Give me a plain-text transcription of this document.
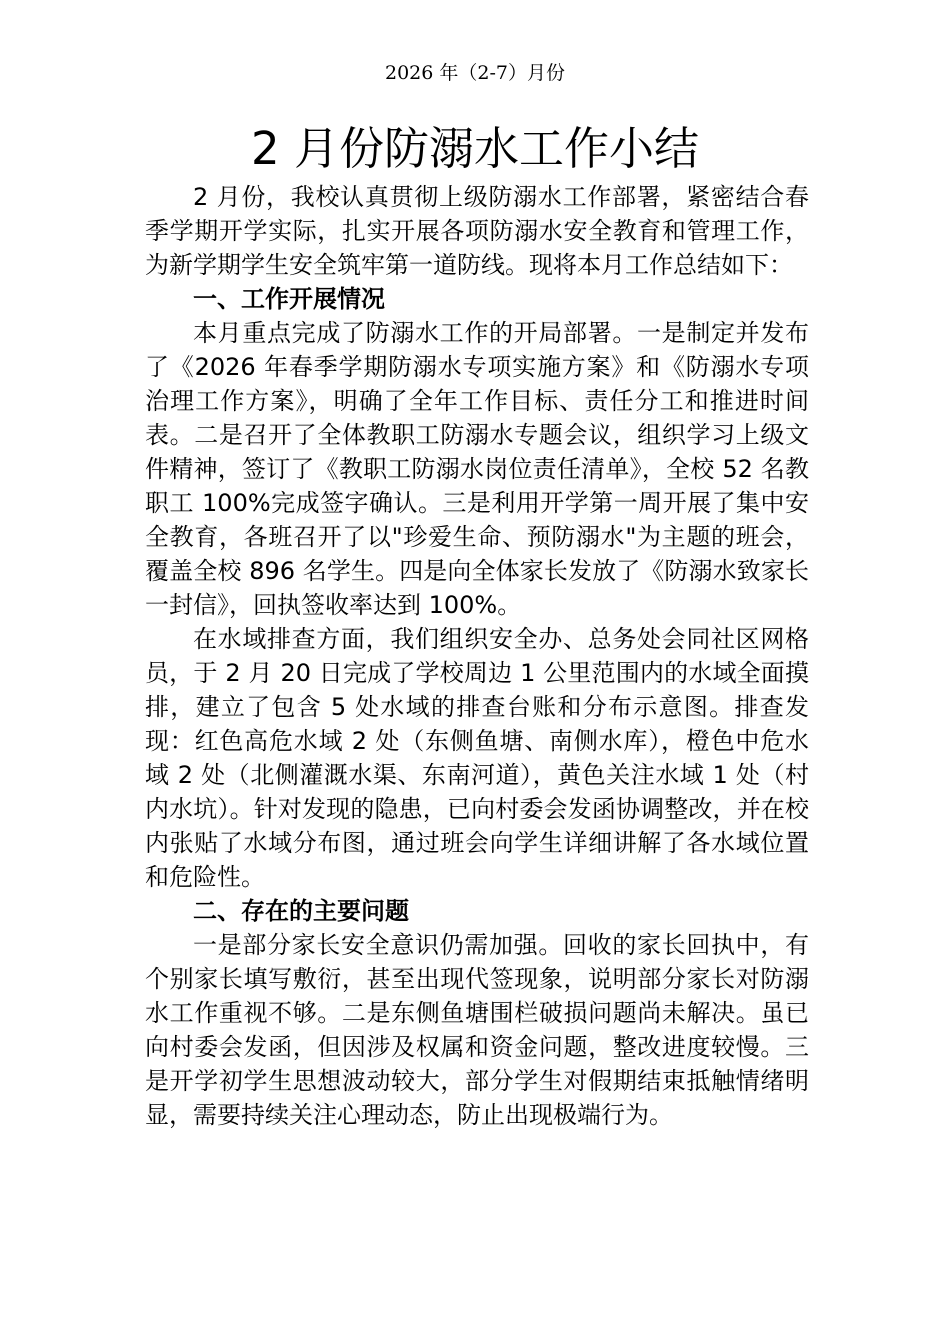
2026 年（2-7）月份
2 月份防溺水工作小结

2 月份，我校认真贯彻上级防溺水工作部署，紧密结合春季学期开学实际，扎实开展各项防溺水安全教育和管理工作，为新学期学生安全筑牢第一道防线。现将本月工作总结如下：

一、工作开展情况

本月重点完成了防溺水工作的开局部署。一是制定并发布了《2026 年春季学期防溺水专项实施方案》和《防溺水专项治理工作方案》，明确了全年工作目标、责任分工和推进时间表。二是召开了全体教职工防溺水专题会议，组织学习上级文件精神，签订了《教职工防溺水岗位责任清单》，全校 52 名教职工 100%完成签字确认。三是利用开学第一周开展了集中安全教育，各班召开了以"珍爱生命、预防溺水"为主题的班会，覆盖全校 896 名学生。四是向全体家长发放了《防溺水致家长一封信》，回执签收率达到 100%。

在水域排查方面，我们组织安全办、总务处会同社区网格员，于 2 月 20 日完成了学校周边 1 公里范围内的水域全面摸排，建立了包含 5 处水域的排查台账和分布示意图。排查发现：红色高危水域 2 处（东侧鱼塘、南侧水库），橙色中危水域 2 处（北侧灌溉水渠、东南河道），黄色关注水域 1 处（村内水坑）。针对发现的隐患，已向村委会发函协调整改，并在校内张贴了水域分布图，通过班会向学生详细讲解了各水域位置和危险性。

二、存在的主要问题

一是部分家长安全意识仍需加强。回收的家长回执中，有个别家长填写敷衍，甚至出现代签现象，说明部分家长对防溺水工作重视不够。二是东侧鱼塘围栏破损问题尚未解决。虽已向村委会发函，但因涉及权属和资金问题，整改进度较慢。三是开学初学生思想波动较大，部分学生对假期结束抵触情绪明显，需要持续关注心理动态，防止出现极端行为。
